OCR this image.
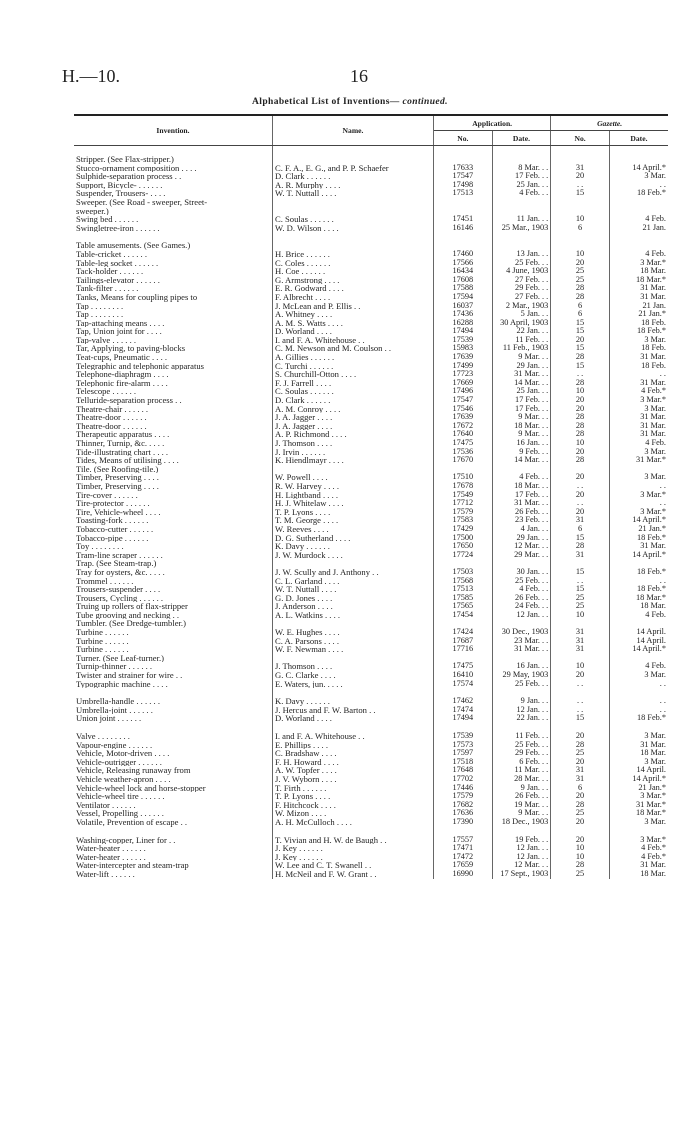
H.—10.	16
Alphabetical List of Inventions— continued.
Invention.	Name.	Application.		Gazette.	
		No.	Date.	No.	Date.

Stripper. (See Flax-stripper.)					
Stucco-ornament composition . . . .	C. F. A., E. G., and P. P. Schaefer	17633	8 Mar. . .	31	14 April.*
Sulphide-separation process . .	D. Clark . . . . . .	17547	17 Feb. . .	20	3 Mar.
Support, Bicycle- . . . . . .	A. R. Murphy . . . .	17498	25 Jan. . .	. .	. .
Suspender, Trousers- . . . .	W. T. Nuttall . . . .	17513	4 Feb. . .	15	18 Feb.*
Sweeper. (See Road - sweeper, Street-					
sweeper.)					
Swing bed . . . . . .	C. Soulas . . . . . .	17451	11 Jan. . .	10	4 Feb.
Swingletree-iron . . . . . .	W. D. Wilson . . . .	16146	25 Mar., 1903	6	21 Jan.

Table amusements. (See Games.)					
Table-cricket . . . . . .	H. Brice . . . . . .	17460	13 Jan. . .	10	4 Feb.
Table-leg socket . . . . . .	C. Coles . . . . . .	17566	25 Feb. . .	20	3 Mar.*
Tack-holder . . . . . .	H. Coe . . . . . .	16434	4 June, 1903	25	18 Mar.
Tailings-elevator . . . . . .	G. Armstrong . . . .	17608	27 Feb. . .	25	18 Mar.*
Tank-filter . . . . . .	E. R. Godward . . . .	17588	29 Feb. . .	28	31 Mar.
Tanks, Means for coupling pipes to	F. Albrecht . . . .	17594	27 Feb. . .	28	31 Mar.
Tap . . . . . . . .	J. McLean and P. Ellis . .	16037	2 Mar., 1903	6	21 Jan.
Tap . . . . . . . .	A. Whitney . . . .	17436	5 Jan. . .	6	21 Jan.*
Tap-attaching means . . . .	A. M. S. Watts . . . .	16288	30 April, 1903	15	18 Feb.
Tap, Union joint for . . . .	D. Worland . . . .	17494	22 Jan. . .	15	18 Feb.*
Tap-valve . . . . . .	I. and F. A. Whitehouse . .	17539	11 Feb. . .	20	3 Mar.
Tar, Applying, to paving-blocks	C. M. Newson and M. Coulson . .	15983	11 Feb., 1903	15	18 Feb.
Teat-cups, Pneumatic . . . .	A. Gillies . . . . . .	17639	9 Mar. . .	28	31 Mar.
Telegraphic and telephonic apparatus	C. Turchi . . . . . .	17499	29 Jan. . .	15	18 Feb.
Telephone-diaphragm . . . .	S. Churchill-Otton . . . .	17723	31 Mar. . .	. .	. .
Telephonic fire-alarm . . . .	F. J. Farrell . . . .	17669	14 Mar. . .	28	31 Mar.
Telescope . . . . . .	C. Soulas . . . . . .	17496	25 Jan. . .	10	4 Feb.*
Telluride-separation process . .	D. Clark . . . . . .	17547	17 Feb. . .	20	3 Mar.*
Theatre-chair . . . . . .	A. M. Conroy . . . .	17546	17 Feb. . .	20	3 Mar.
Theatre-door . . . . . .	J. A. Jagger . . . .	17639	9 Mar. . .	28	31 Mar.
Theatre-door . . . . . .	J. A. Jagger . . . .	17672	18 Mar. . .	28	31 Mar.
Therapeutic apparatus . . . .	A. P. Richmond . . . .	17640	9 Mar. . .	28	31 Mar.
Thinner, Turnip, &c. . . . .	J. Thomson . . . .	17475	16 Jan. . .	10	4 Feb.
Tide-illustrating chart . . . .	J. Irvin . . . . . .	17536	9 Feb. . .	20	3 Mar.
Tides, Means of utilising . . . .	K. Hiendlmayr . . . .	17670	14 Mar. . .	28	31 Mar.*
Tile. (See Roofing-tile.)					
Timber, Preserving . . . .	W. Powell . . . .	17510	4 Feb. . .	20	3 Mar.
Timber, Preserving . . . .	R. W. Harvey . . . .	17678	18 Mar. . .	. .	. .
Tire-cover . . . . . .	H. Lightband . . . .	17549	17 Feb. . .	20	3 Mar.*
Tire-protector . . . . . .	H. J. Whitelaw . . . .	17712	31 Mar. . .	. .	. .
Tire, Vehicle-wheel . . . .	T. P. Lyons . . . .	17579	26 Feb. . .	20	3 Mar.*
Toasting-fork . . . . . .	T. M. George . . . .	17583	23 Feb. . .	31	14 April.*
Tobacco-cutter . . . . . .	W. Reeves . . . .	17429	4 Jan. . .	6	21 Jan.*
Tobacco-pipe . . . . . .	D. G. Sutherland . . . .	17500	29 Jan. . .	15	18 Feb.*
Toy . . . . . . . .	K. Davy . . . . . .	17650	12 Mar. . .	28	31 Mar.
Tram-line scraper . . . . . .	J. W. Murdock . . . .	17724	29 Mar. . .	31	14 April.*
Trap. (See Steam-trap.)					
Tray for oysters, &c. . . . .	J. W. Scully and J. Anthony . .	17503	30 Jan. . .	15	18 Feb.*
Trommel . . . . . .	C. L. Garland . . . .	17568	25 Feb. . .	. .	. .
Trousers-suspender . . . .	W. T. Nuttall . . . .	17513	4 Feb. . .	15	18 Feb.*
Trousers, Cycling . . . . . .	G. D. Jones . . . .	17585	26 Feb. . .	25	18 Mar.*
Truing up rollers of flax-stripper	J. Anderson . . . .	17565	24 Feb. . .	25	18 Mar.
Tube grooving and necking . .	A. L. Watkins . . . .	17454	12 Jan. . .	10	4 Feb.
Tumbler. (See Dredge-tumbler.)					
Turbine . . . . . .	W. E. Hughes . . . .	17424	30 Dec., 1903	31	14 April.
Turbine . . . . . .	C. A. Parsons . . . .	17687	23 Mar. . .	31	14 April.
Turbine . . . . . .	W. F. Newman . . . .	17716	31 Mar. . .	31	14 April.*
Turner. (See Leaf-turner.)					
Turnip-thinner . . . . . .	J. Thomson . . . .	17475	16 Jan. . .	10	4 Feb.
Twister and strainer for wire . .	G. C. Clarke . . . .	16410	29 May, 1903	20	3 Mar.
Typographic machine . . . .	E. Waters, jun. . . . .	17574	25 Feb. . .	. .	. .

Umbrella-handle . . . . . .	K. Davy . . . . . .	17462	9 Jan. . .	. .	. .
Umbrella-joint . . . . . .	J. Hercus and F. W. Barton . .	17474	12 Jan. . .	. .	. .
Union joint . . . . . .	D. Worland . . . .	17494	22 Jan. . .	15	18 Feb.*

Valve . . . . . . . .	I. and F. A. Whitehouse . .	17539	11 Feb. . .	20	3 Mar.
Vapour-engine . . . . . .	E. Phillips . . . .	17573	25 Feb. . .	28	31 Mar.
Vehicle, Motor-driven . . . .	C. Bradshaw . . . .	17597	29 Feb. . .	25	18 Mar.
Vehicle-outrigger . . . . . .	F. H. Howard . . . .	17518	6 Feb. . .	20	3 Mar.
Vehicle, Releasing runaway from	A. W. Topfer . . . .	17648	11 Mar. . .	31	14 April.
Vehicle weather-apron . . . .	J. V. Wyborn . . . .	17702	28 Mar. . .	31	14 April.*
Vehicle-wheel lock and horse-stopper	T. Firth . . . . . .	17446	9 Jan. . .	6	21 Jan.*
Vehicle-wheel tire . . . . . .	T. P. Lyons . . . .	17579	26 Feb. . .	20	3 Mar.*
Ventilator . . . . . .	F. Hitchcock . . . .	17682	19 Mar. . .	28	31 Mar.*
Vessel, Propelling . . . . . .	W. Mizon . . . .	17636	9 Mar. . .	25	18 Mar.*
Volatile, Prevention of escape . .	A. H. McCulloch . . . .	17390	18 Dec., 1903	20	3 Mar.

Washing-copper, Liner for . .	T. Vivian and H. W. de Baugh . .	17557	19 Feb. . .	20	3 Mar.*
Water-heater . . . . . .	J. Key . . . . . .	17471	12 Jan. . .	10	4 Feb.*
Water-heater . . . . . .	J. Key . . . . . .	17472	12 Jan. . .	10	4 Feb.*
Water-intercepter and steam-trap	W. Lee and C. T. Swanell . .	17659	12 Mar. . .	28	31 Mar.
Water-lift . . . . . .	H. McNeil and F. W. Grant . .	16990	17 Sept., 1903	25	18 Mar.
